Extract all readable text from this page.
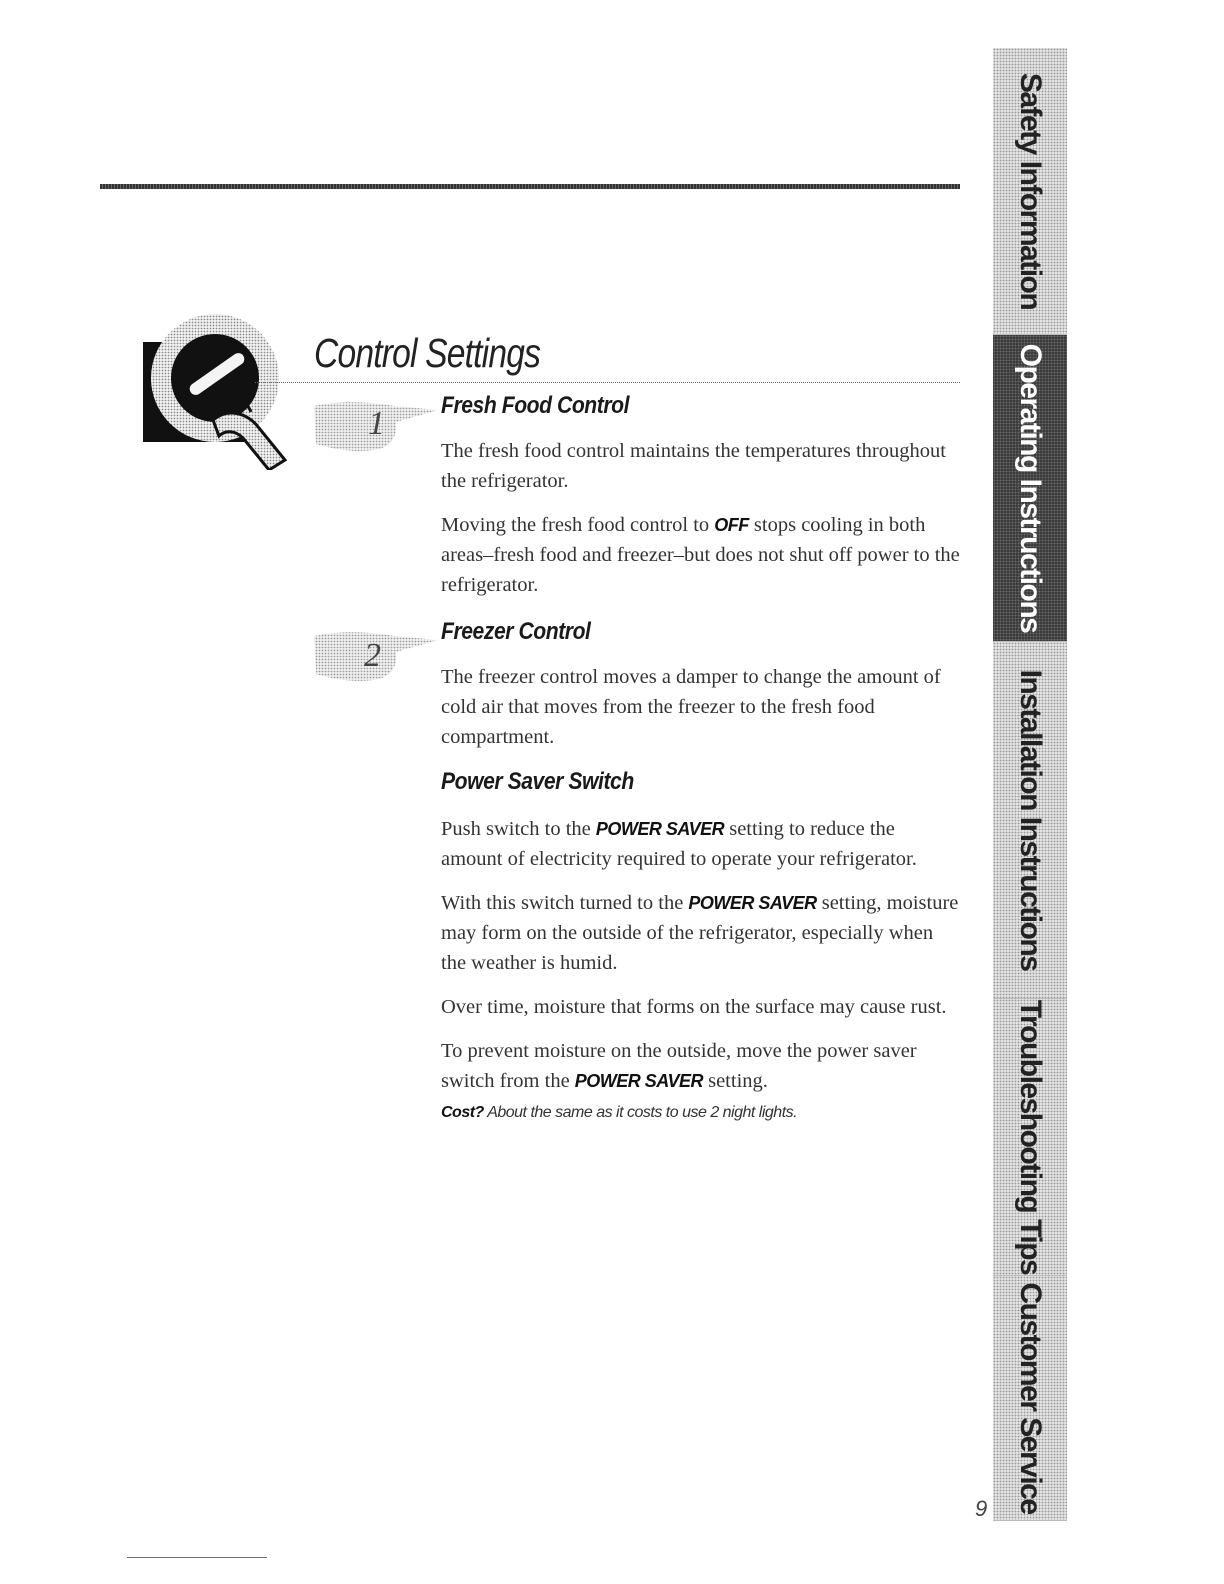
Control Settings
1
2
Fresh Food Control

The fresh food control maintains the temperatures throughout the refrigerator.

Moving the fresh food control to OFF stops cooling in both areas–fresh food and freezer–but does not shut off power to the refrigerator.

Freezer Control

The freezer control moves a damper to change the amount of cold air that moves from the freezer to the fresh food compartment.

Power Saver Switch

Push switch to the POWER SAVER setting to reduce the amount of electricity required to operate your refrigerator.

With this switch turned to the POWER SAVER setting, moisture may form on the outside of the refrigerator, especially when the weather is humid.

Over time, moisture that forms on the surface may cause rust.

To prevent moisture on the outside, move the power saver switch from the POWER SAVER setting.

Cost? About the same as it costs to use 2 night lights.

Safety Information
Operating Instructions
Installation Instructions
Troubleshooting Tips
Customer Service
9
